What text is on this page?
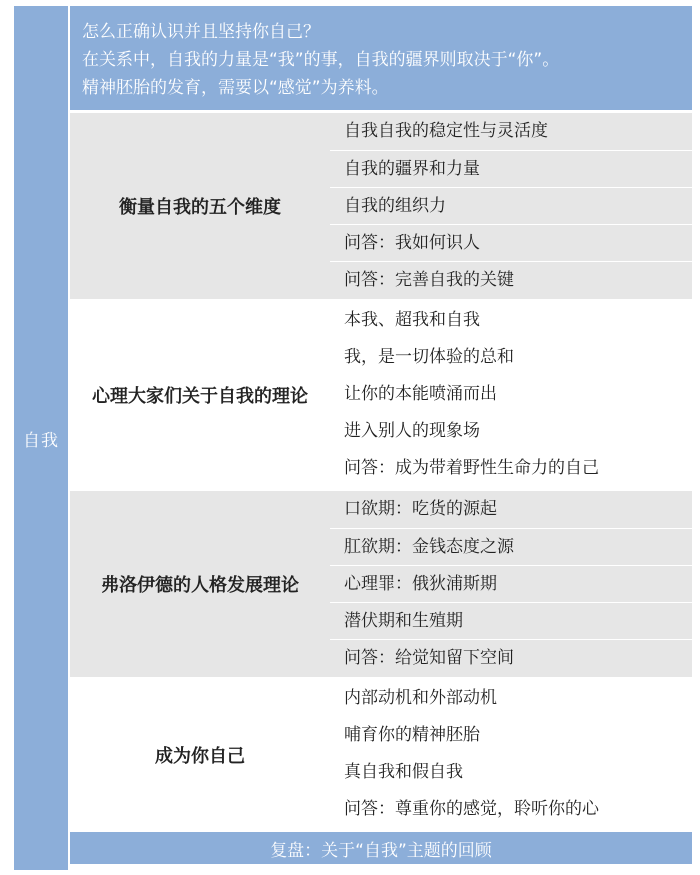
自我
怎么正确认识并且坚持你自己？
在关系中，自我的力量是“我”的事，自我的疆界则取决于“你”。
精神胚胎的发育，需要以“感觉”为养料。
衡量自我的五个维度
自我自我的稳定性与灵活度
自我的疆界和力量
自我的组织力
问答：我如何识人
问答：完善自我的关键
心理大家们关于自我的理论
本我、超我和自我
我，是一切体验的总和
让你的本能喷涌而出
进入别人的现象场
问答：成为带着野性生命力的自己
弗洛伊德的人格发展理论
口欲期：吃货的源起
肛欲期：金钱态度之源
心理罪：俄狄浦斯期
潜伏期和生殖期
问答：给觉知留下空间
成为你自己
内部动机和外部动机
哺育你的精神胚胎
真自我和假自我
问答：尊重你的感觉，聆听你的心
复盘：关于“自我”主题的回顾
